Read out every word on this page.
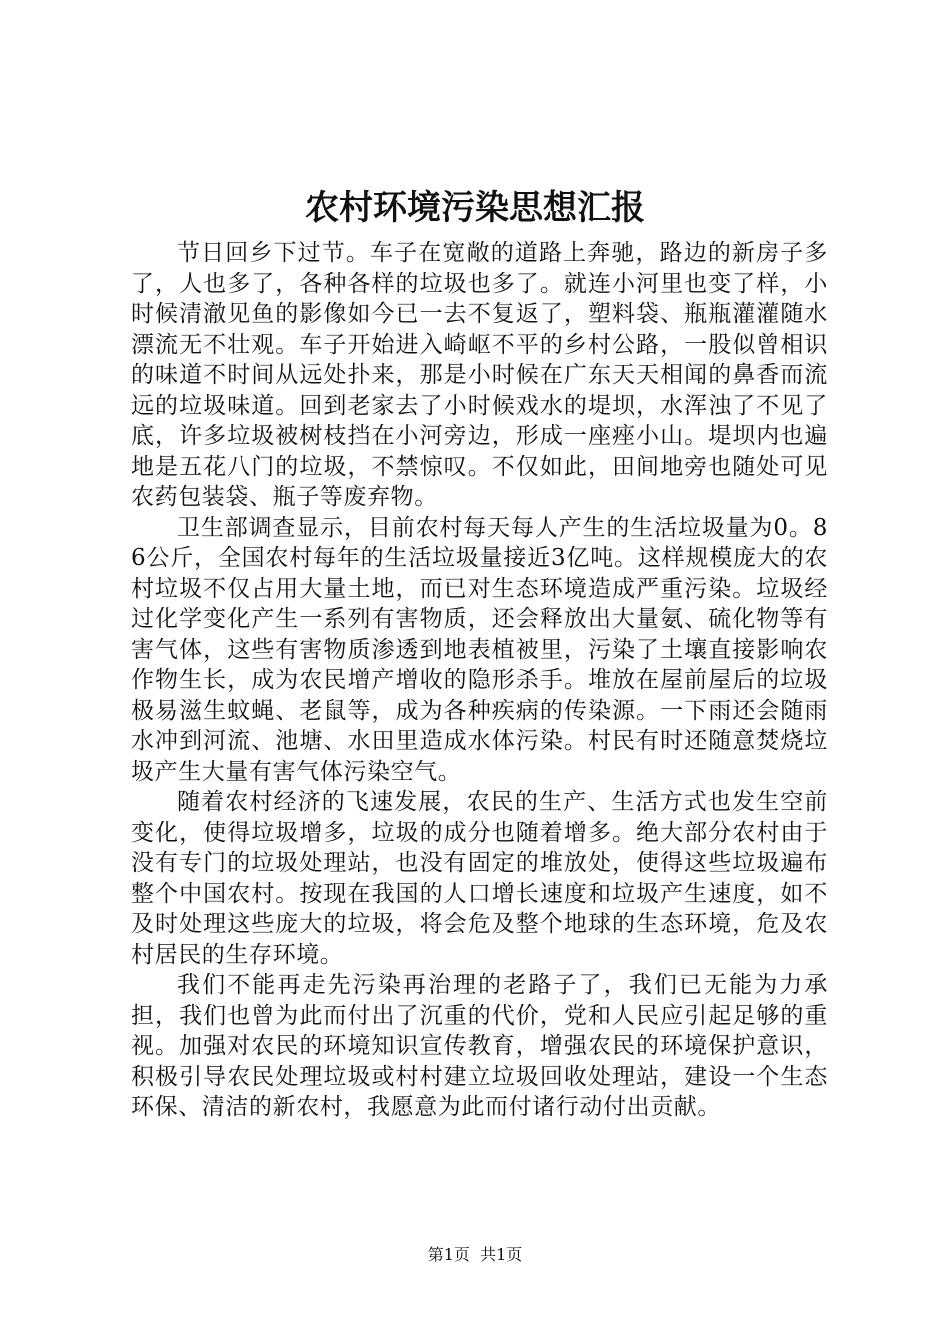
农村环境污染思想汇报

节日回乡下过节。车子在宽敞的道路上奔驰，路边的新房子多了，人也多了，各种各样的垃圾也多了。就连小河里也变了样，小时候清澈见鱼的影像如今已一去不复返了，塑料袋、瓶瓶灌灌随水漂流无不壮观。车子开始进入崎岖不平的乡村公路，一股似曾相识的味道不时间从远处扑来，那是小时候在广东天天相闻的鼻香而流远的垃圾味道。回到老家去了小时候戏水的堤坝，水浑浊了不见了底，许多垃圾被树枝挡在小河旁边，形成一座痤小山。堤坝内也遍地是五花八门的垃圾，不禁惊叹。不仅如此，田间地旁也随处可见农药包装袋、瓶子等废弃物。

卫生部调查显示，目前农村每天每人产生的生活垃圾量为0。86公斤，全国农村每年的生活垃圾量接近3亿吨。这样规模庞大的农村垃圾不仅占用大量土地，而已对生态环境造成严重污染。垃圾经过化学变化产生一系列有害物质，还会释放出大量氨、硫化物等有害气体，这些有害物质渗透到地表植被里，污染了土壤直接影响农作物生长，成为农民增产增收的隐形杀手。堆放在屋前屋后的垃圾极易滋生蚊蝇、老鼠等，成为各种疾病的传染源。一下雨还会随雨水冲到河流、池塘、水田里造成水体污染。村民有时还随意焚烧垃圾产生大量有害气体污染空气。

随着农村经济的飞速发展，农民的生产、生活方式也发生空前变化，使得垃圾增多，垃圾的成分也随着增多。绝大部分农村由于没有专门的垃圾处理站，也没有固定的堆放处，使得这些垃圾遍布整个中国农村。按现在我国的人口增长速度和垃圾产生速度，如不及时处理这些庞大的垃圾，将会危及整个地球的生态环境，危及农村居民的生存环境。

我们不能再走先污染再治理的老路子了，我们已无能为力承担，我们也曾为此而付出了沉重的代价，党和人民应引起足够的重视。加强对农民的环境知识宣传教育，增强农民的环境保护意识，积极引导农民处理垃圾或村村建立垃圾回收处理站，建设一个生态环保、清洁的新农村，我愿意为此而付诸行动付出贡献。

第1页 共1页
